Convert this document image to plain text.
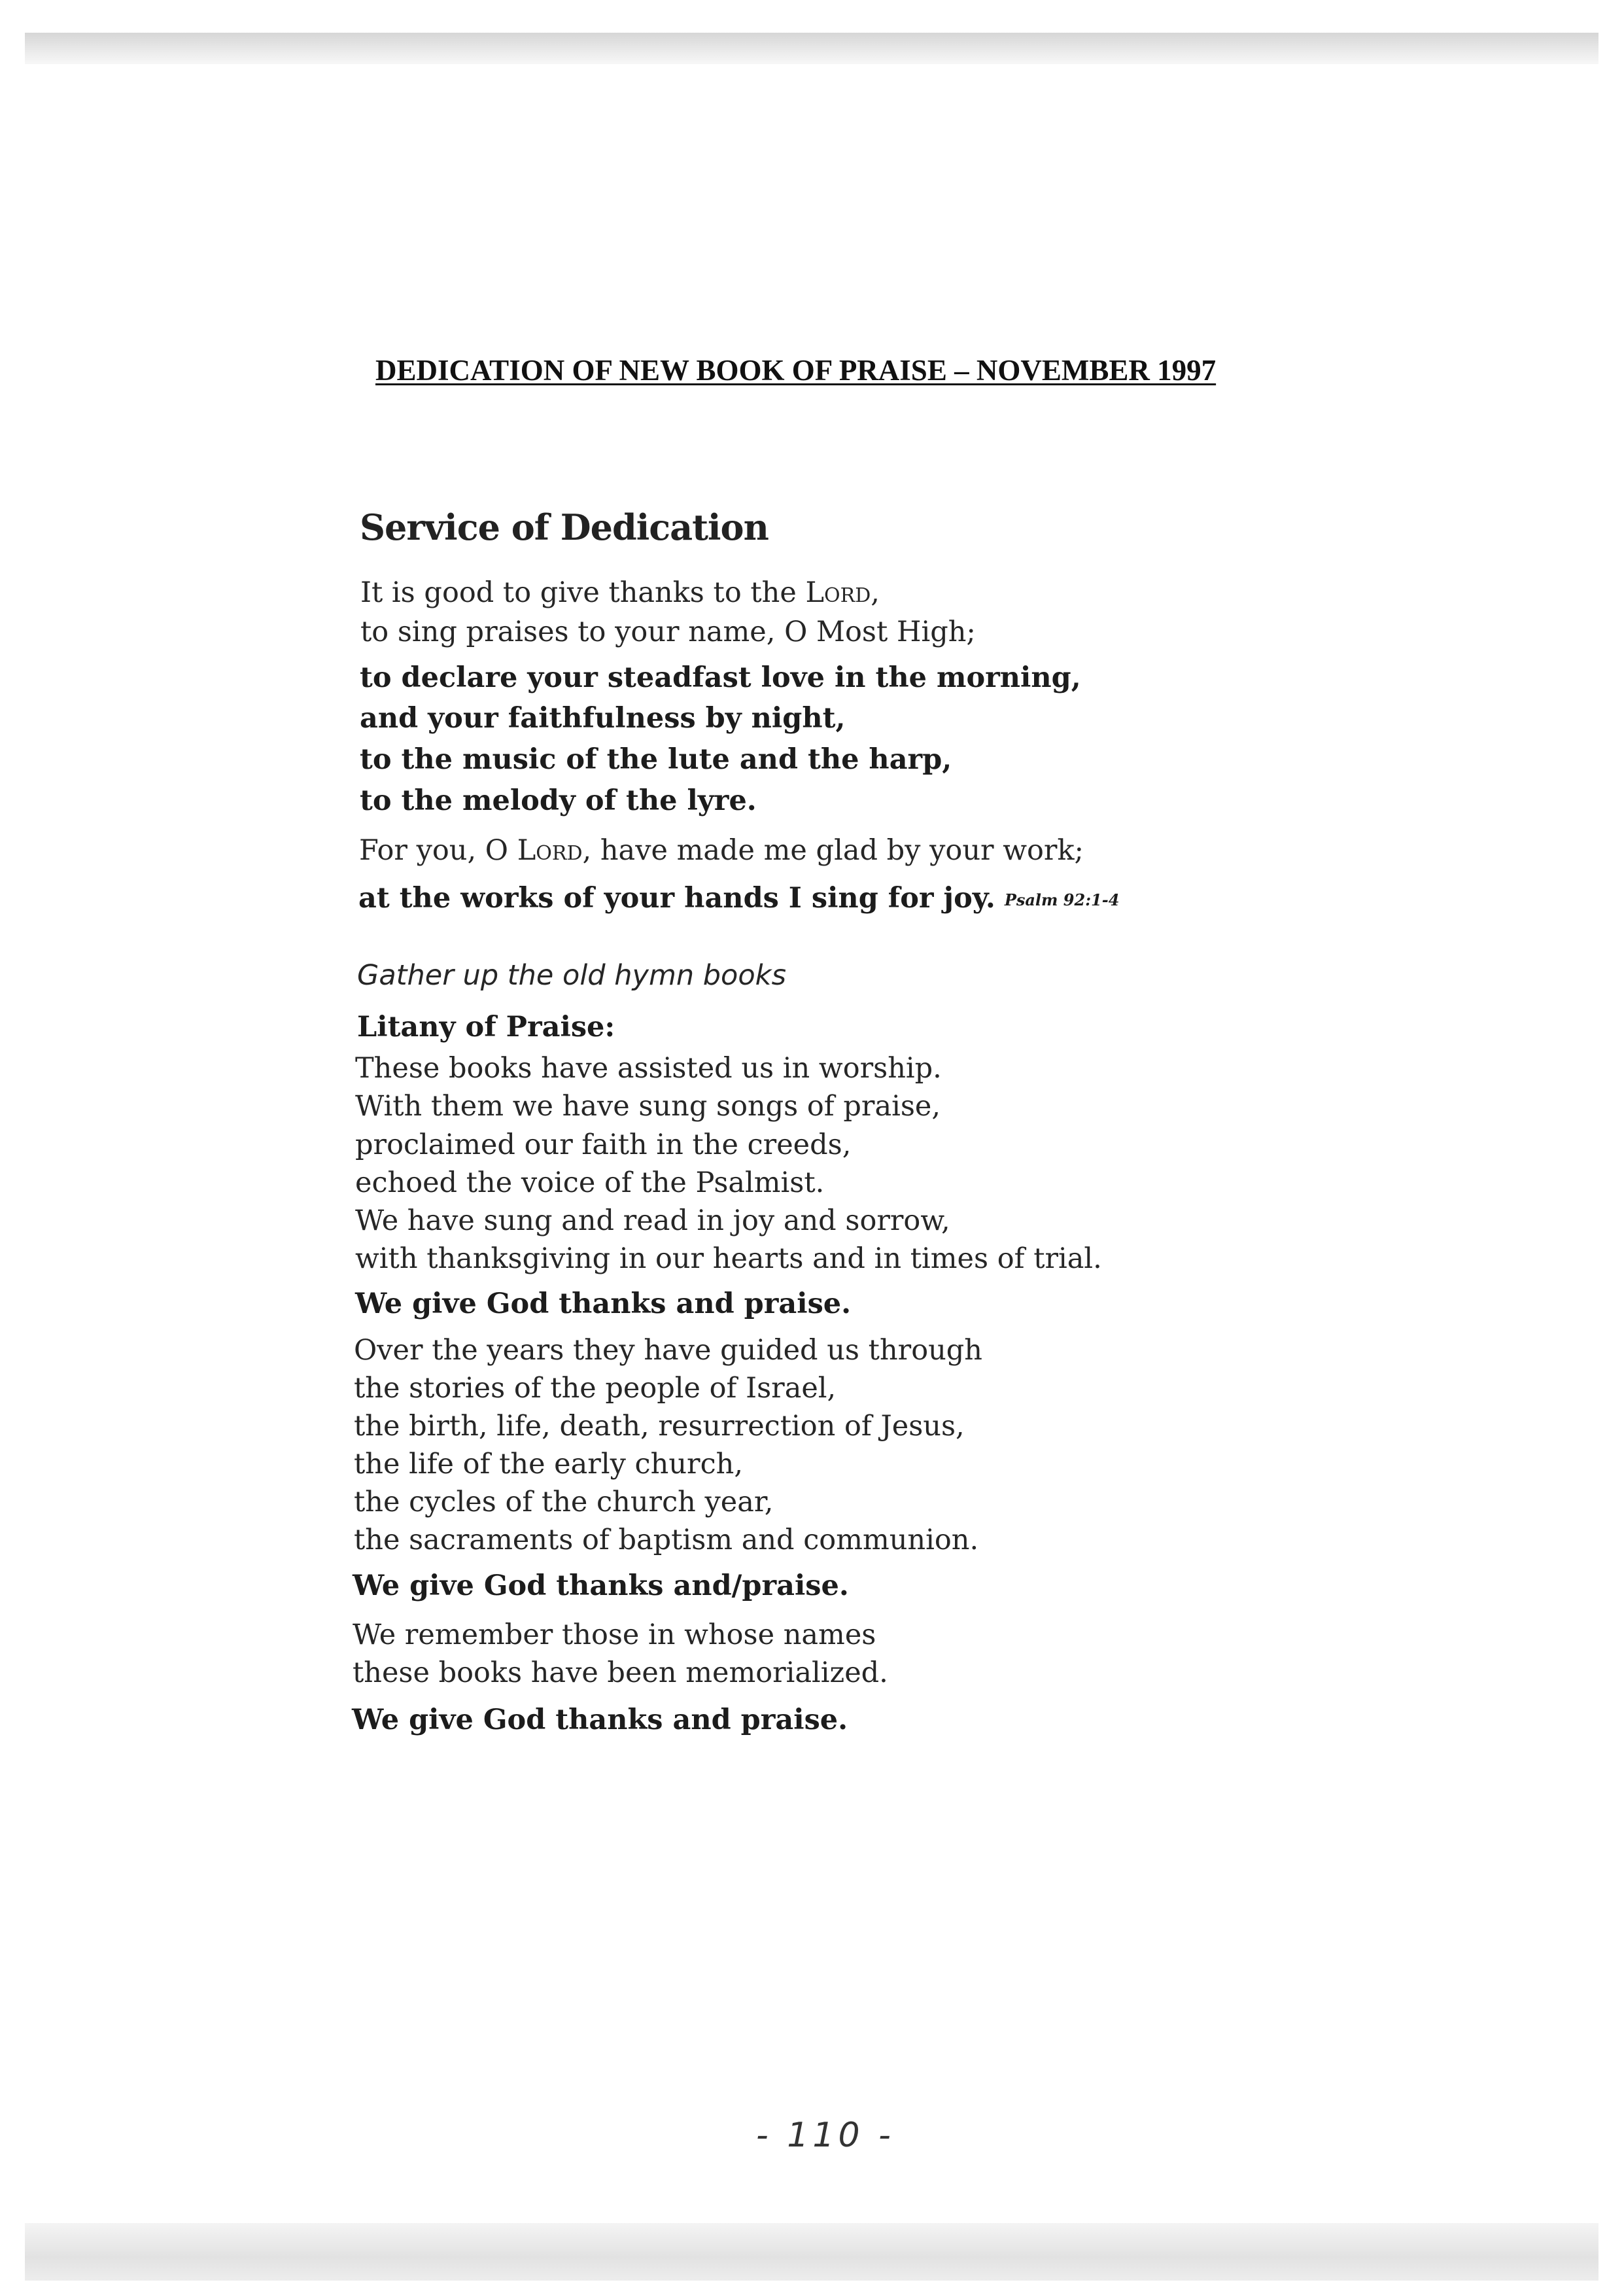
DEDICATION OF NEW BOOK OF PRAISE – NOVEMBER 1997
Service of Dedication

It is good to give thanks to the Lord,

to sing praises to your name, O Most High;

to declare your steadfast love in the morning,

and your faithfulness by night,

to the music of the lute and the harp,

to the melody of the lyre.

For you, O Lord, have made me glad by your work;

at the works of your hands I sing for joy. Psalm 92:1-4

Gather up the old hymn books

Litany of Praise:

These books have assisted us in worship.

With them we have sung songs of praise,

proclaimed our faith in the creeds,

echoed the voice of the Psalmist.

We have sung and read in joy and sorrow,

with thanksgiving in our hearts and in times of trial.

We give God thanks and praise.

Over the years they have guided us through

the stories of the people of Israel,

the birth, life, death, resurrection of Jesus,

the life of the early church,

the cycles of the church year,

the sacraments of baptism and communion.

We give God thanks and/praise.

We remember those in whose names

these books have been memorialized.

We give God thanks and praise.

- 110 -
